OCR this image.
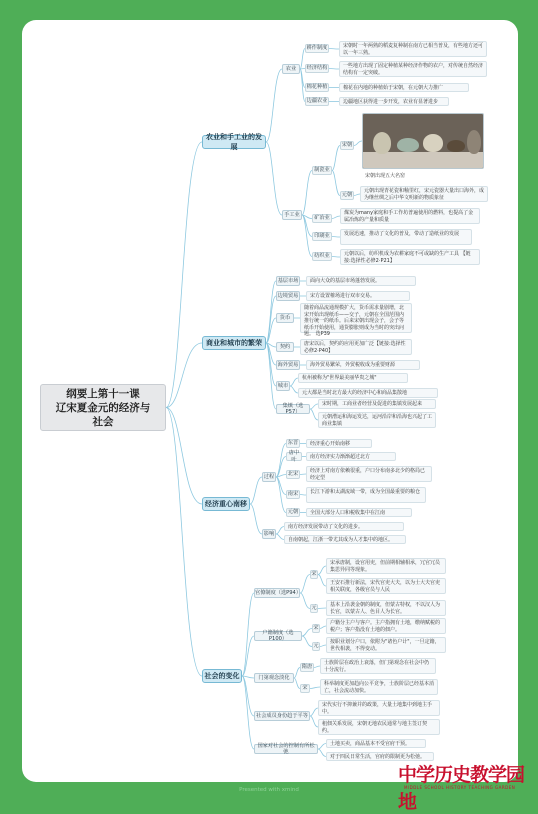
纲要上第十一课
辽宋夏金元的经济与
社会
农业和手工业的发展
商业和城市的繁荣
经济重心南移
社会的变化
农业
耕作制度	宋朝时一年两熟的稻麦复种制在南方已相当普及，有些地方还可以一年三熟。
经济结构	一些地方出现了固定种植某种经济作物的农户，对传统自然经济结构有一定突破。
棉花种植	棉花在内地的种植始于宋朝，在元朝大力推广
边疆农业	边疆地区获得进一步开发，农业有显著进步
手工业
制瓷业
宋朝
宋朝出现五大名窑
元朝
元朝出现青花瓷和釉里红，宋元瓷器大量出口海外，成为继丝绸之后中华文明新的物质象征
矿冶业
煤炭为many家庭和手工作坊普遍使用的燃料，也提高了金属冶炼的产量和质量
印刷业	发展迅速，推动了文化的普及，带动了造纸业的发展
纺织业	元朝以后，纺织机成为农耕家庭不可或缺的生产工具 【链接:选择性必修2·P21】
基层市场	面向大众的基层市场蓬勃发展。
边境贸易	宋方设置榷场进行双市交易。
货币
随着商品流通规模扩大，货币需求量剧增，北宋开始出现纸币——交子，元朝在全国范围内推行统一的纸币。后来宋朝出现会子，会子等纸币开始使用，通货膨胀则成为当时的突出问题。 选P39
契约	唐宋以后，契约的应用更加广泛【链接:选择性必修2·P40】
海外贸易	海外贸易繁荣，外贸税收成为重要财源
城市
杭州被称为"世界最美丽华贵之城"
元大都是当时北方最大的经济中心和商品集散地
集镇（选P57）
宋时期，工商业者经营及促进的集镇发展起来
元朝漕运和海运发达，运河沿岸和沿海也兴起了工商业集镇
过程
东晋	经济重心开始南移
唐中叶	南方经济实力渐渐超过北方
北宋
经济上对南方依赖很重，户口分布南多北少的格局已经定型
南宋	长江下游和太湖流域一带，成为全国最重要的粮仓
元朝	全国大部分人口和税收集中在江南
影响
南方经济发展带动了文化的进步。
自南朝起，江浙一带尤其成为人才集中的地区。
官僚制度（选P94）
宋
宋承唐制，设官用吏，但前期相辅相承，冗官冗员集思异同等现象。
王安石推行新法，宋代官吏大夫，以为士大夫官吏相关联度，各级官员与人民
元
基本上沿袭金朝的制度，但蒙古特权，不以汉人为长官，以蒙古人、色目人为长官。
户籍制度（选P100）
宋
户籍分主户与客户。主户指拥有土地，缴纳赋税的税户；客户指没有土地的佃户。
元
按职业划分户口，依附为"诸色户计"，一旦定籍，世代相袭，不得变动。
门第观念淡化
隋唐
士族阶层在政治上衰落，但门第观念在社会中仍十分流行。
宋
科举制度更加趋向公平竞争，士族阶层已经基本消亡，社会流动加快。
社会成员身份趋于平等
宋代实行不抑兼并的政策，大量土地集中到地主手中。
租佃关系发展，宋朝无地农民通常与地主签订契约。
国家对社会的控制有所松弛
土地买卖，商品基本不受官府干预。
对于四民日常生活，官府的限制更为松弛。
中学历史教学园地
MIDDLE SCHOOL HISTORY TEACHING GARDEN
Presented with xmind
